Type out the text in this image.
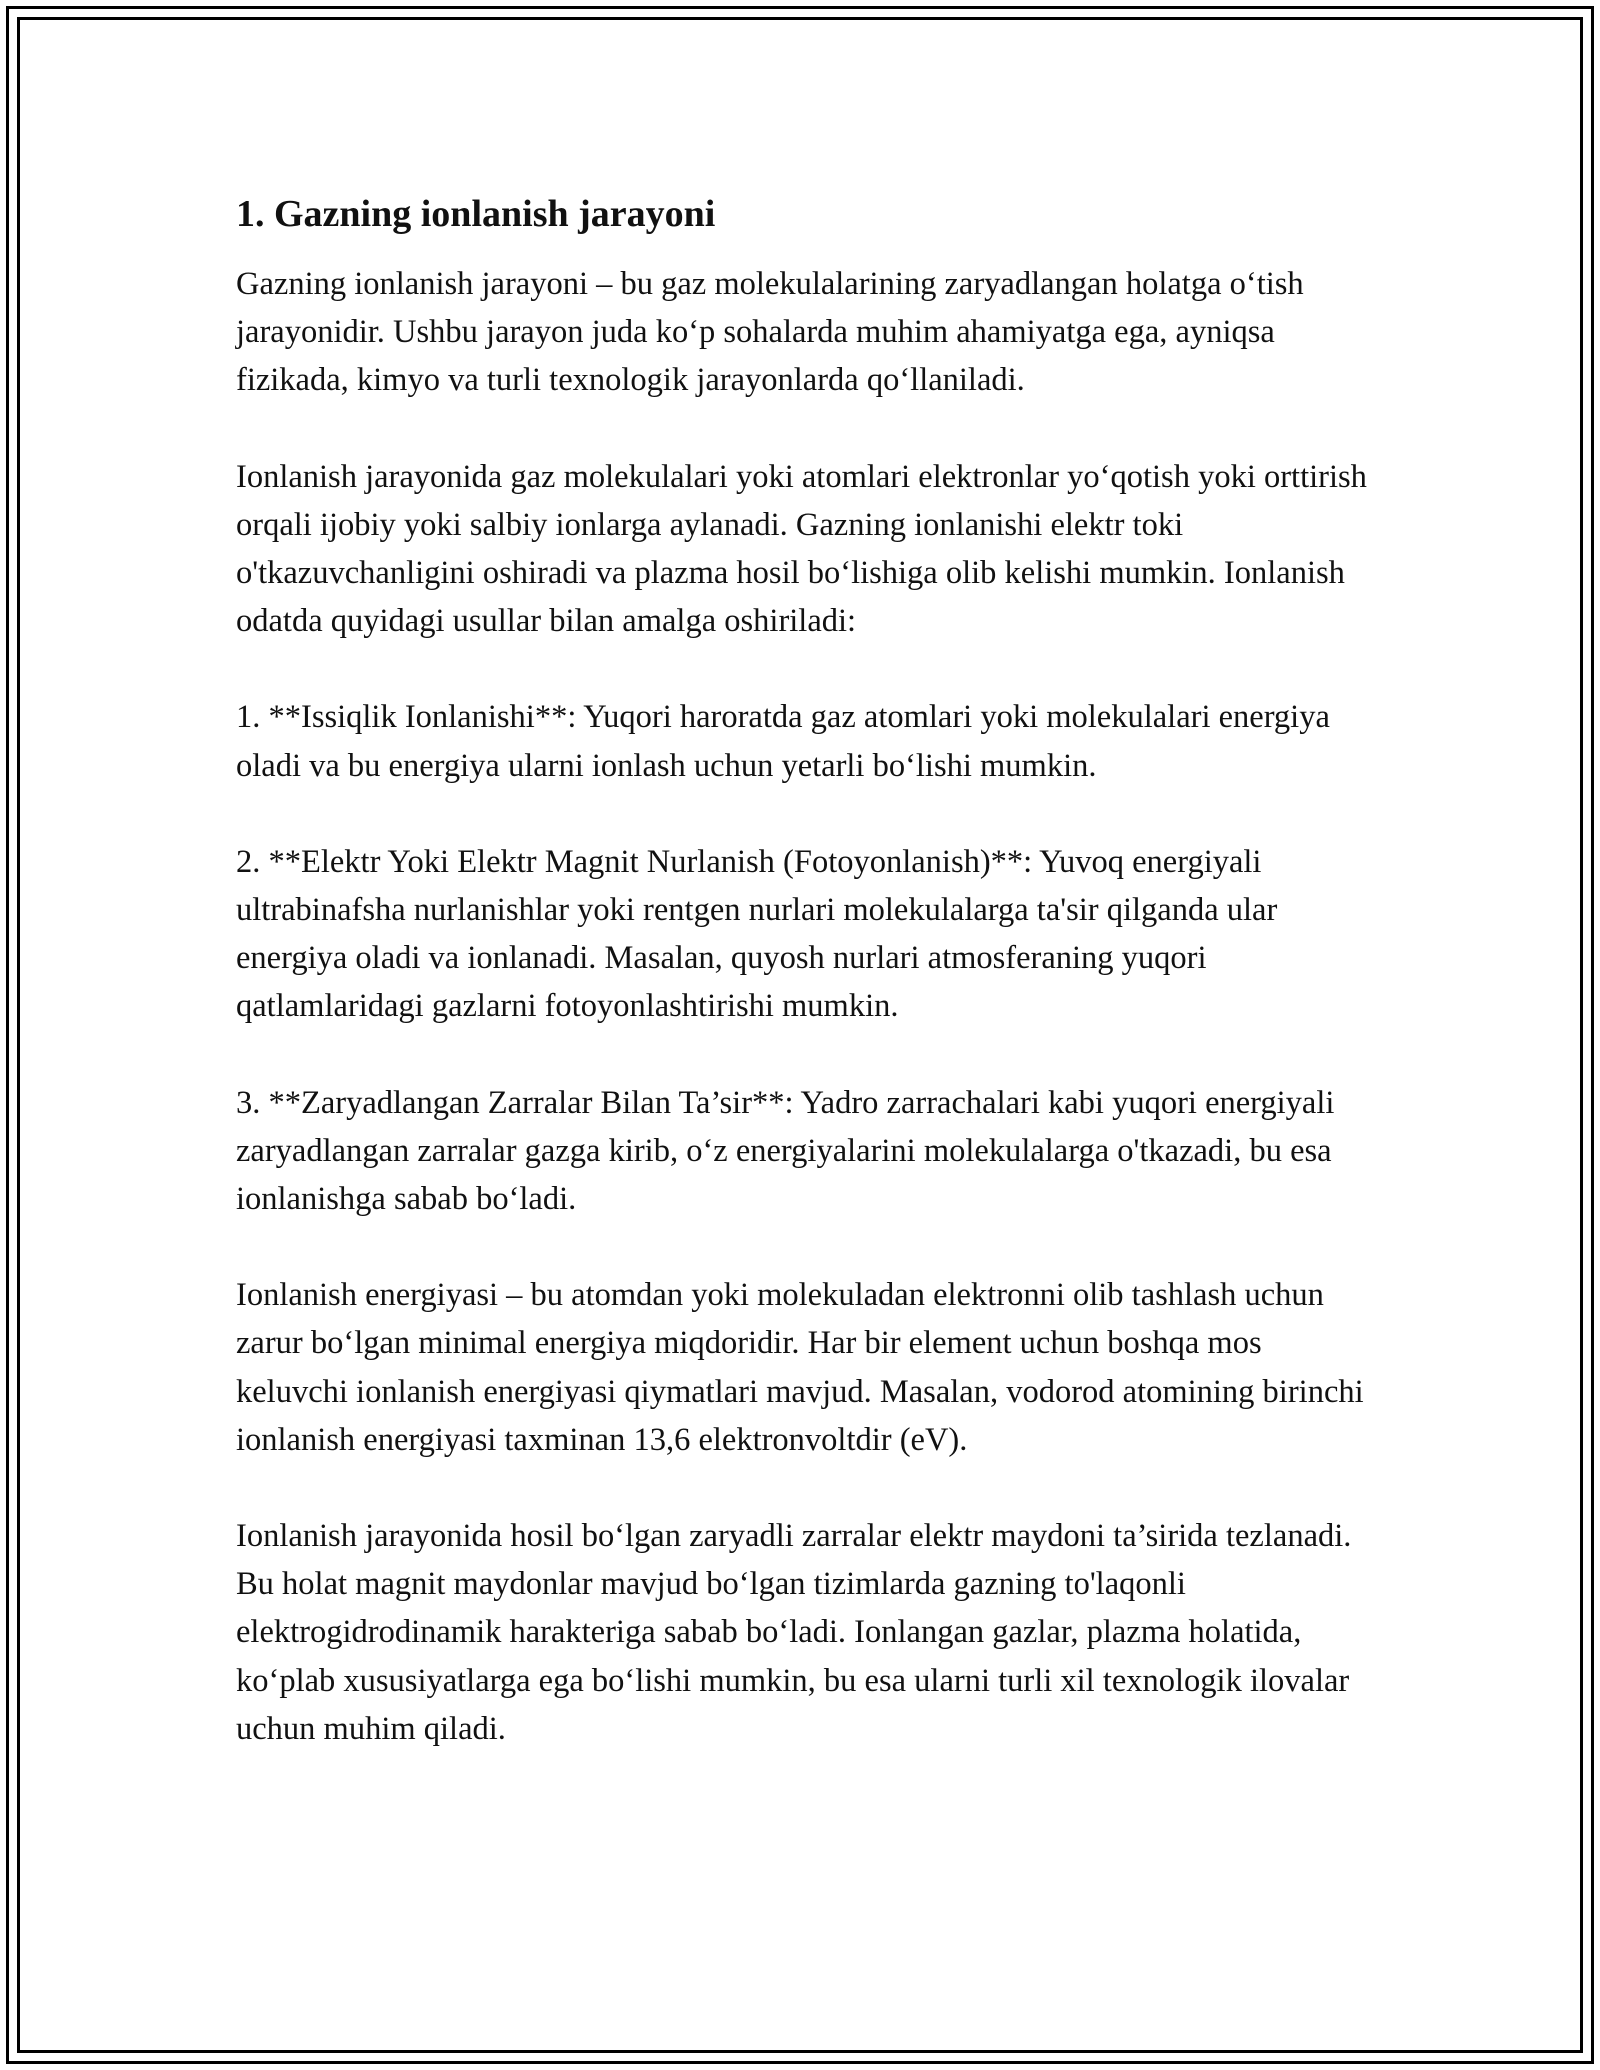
1. Gazning ionlanish jarayoni

Gazning ionlanish jarayoni – bu gaz molekulalarining zaryadlangan holatga o‘tish jarayonidir. Ushbu jarayon juda ko‘p sohalarda muhim ahamiyatga ega, ayniqsa fizikada, kimyo va turli texnologik jarayonlarda qo‘llaniladi.

Ionlanish jarayonida gaz molekulalari yoki atomlari elektronlar yo‘qotish yoki orttirish orqali ijobiy yoki salbiy ionlarga aylanadi. Gazning ionlanishi elektr toki o'tkazuvchanligini oshiradi va plazma hosil bo‘lishiga olib kelishi mumkin. Ionlanish odatda quyidagi usullar bilan amalga oshiriladi:

1. **Issiqlik Ionlanishi**: Yuqori haroratda gaz atomlari yoki molekulalari energiya oladi va bu energiya ularni ionlash uchun yetarli bo‘lishi mumkin.

2. **Elektr Yoki Elektr Magnit Nurlanish (Fotoyonlanish)**: Yuvoq energiyali ultrabinafsha nurlanishlar yoki rentgen nurlari molekulalarga ta'sir qilganda ular energiya oladi va ionlanadi. Masalan, quyosh nurlari atmosferaning yuqori qatlamlaridagi gazlarni fotoyonlashtirishi mumkin.

3. **Zaryadlangan Zarralar Bilan Ta’sir**: Yadro zarrachalari kabi yuqori energiyali zaryadlangan zarralar gazga kirib, o‘z energiyalarini molekulalarga o'tkazadi, bu esa ionlanishga sabab bo‘ladi.

Ionlanish energiyasi – bu atomdan yoki molekuladan elektronni olib tashlash uchun zarur bo‘lgan minimal energiya miqdoridir. Har bir element uchun boshqa mos keluvchi ionlanish energiyasi qiymatlari mavjud. Masalan, vodorod atomining birinchi ionlanish energiyasi taxminan 13,6 elektronvoltdir (eV).

Ionlanish jarayonida hosil bo‘lgan zaryadli zarralar elektr maydoni ta’sirida tezlanadi. Bu holat magnit maydonlar mavjud bo‘lgan tizimlarda gazning to'laqonli elektrogidrodinamik harakteriga sabab bo‘ladi. Ionlangan gazlar, plazma holatida, ko‘plab xususiyatlarga ega bo‘lishi mumkin, bu esa ularni turli xil texnologik ilovalar uchun muhim qiladi.
